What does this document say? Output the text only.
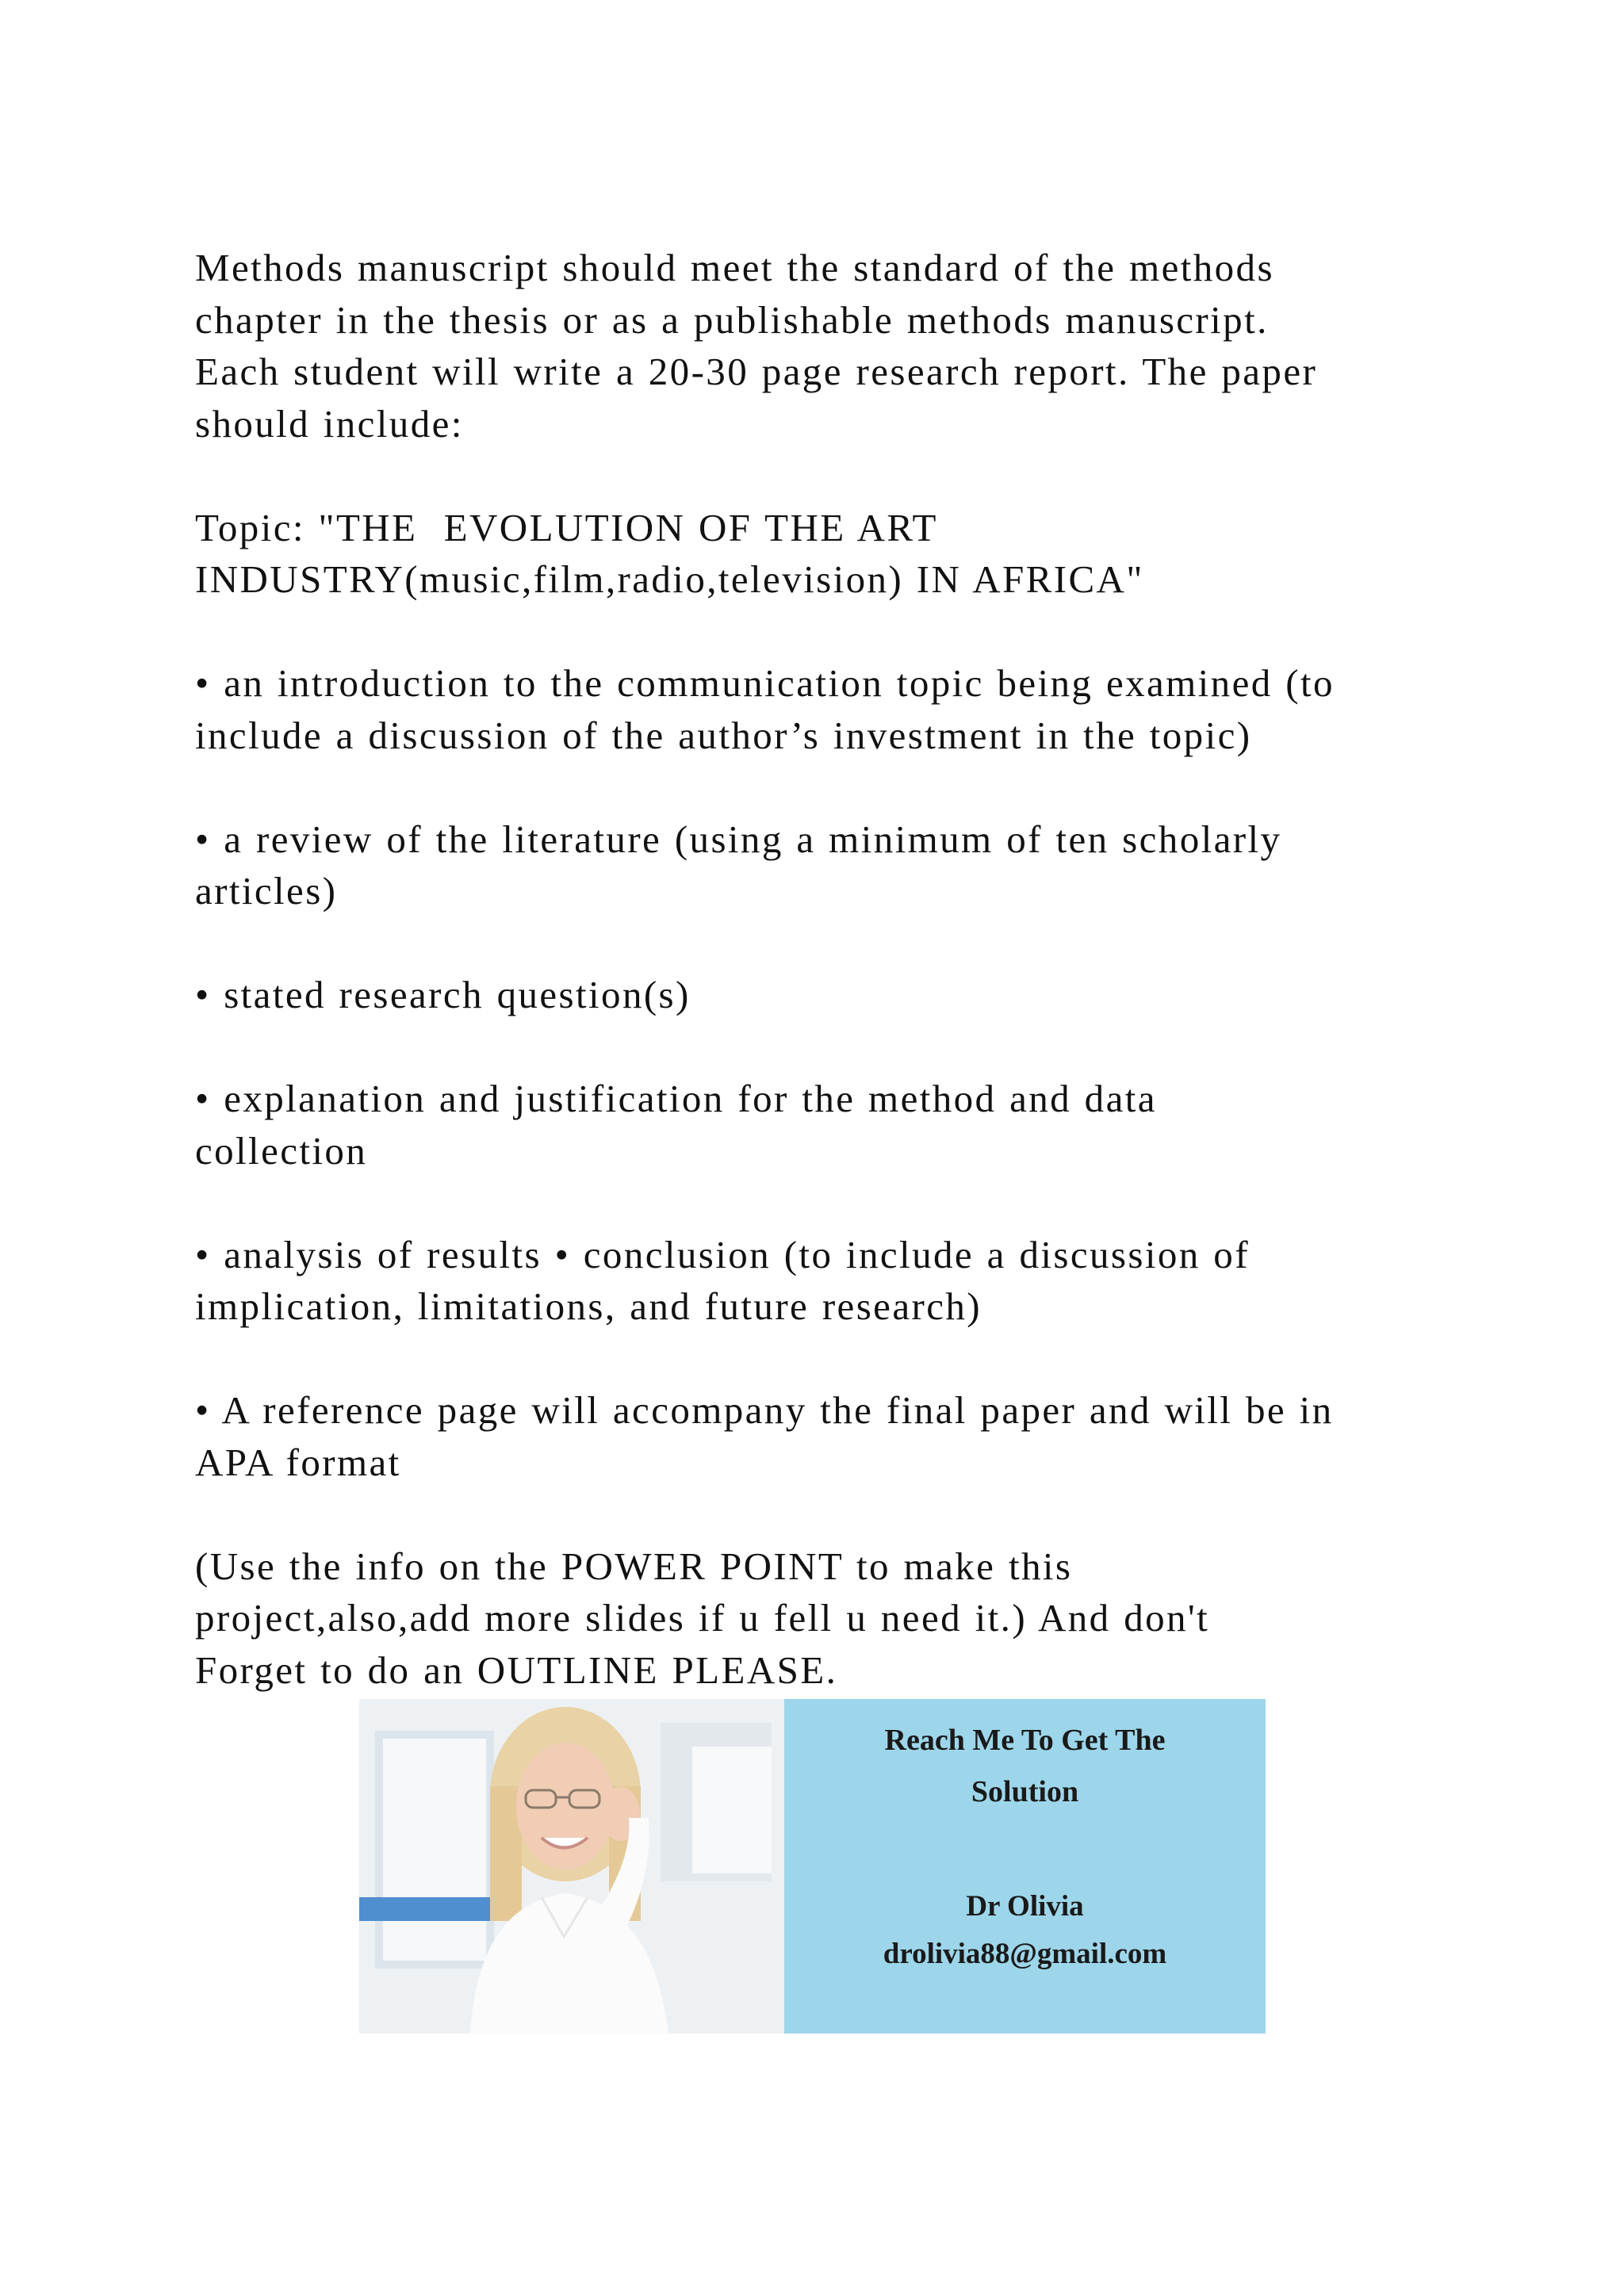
Methods manuscript should meet the standard of the methods
chapter in the thesis or as a publishable methods manuscript.
Each student will write a 20-30 page research report. The paper
should include:

Topic: "THE  EVOLUTION OF THE ART
INDUSTRY(music,film,radio,television) IN AFRICA"

• an introduction to the communication topic being examined (to
include a discussion of the author’s investment in the topic)

• a review of the literature (using a minimum of ten scholarly
articles)

• stated research question(s)

• explanation and justification for the method and data
collection

• analysis of results • conclusion (to include a discussion of
implication, limitations, and future research)

• A reference page will accompany the final paper and will be in
APA format

(Use the info on the POWER POINT to make this
project,also,add more slides if u fell u need it.) And don't
Forget to do an OUTLINE PLEASE.

Reach Me To Get The
Solution
Dr Olivia
drolivia88@gmail.com
